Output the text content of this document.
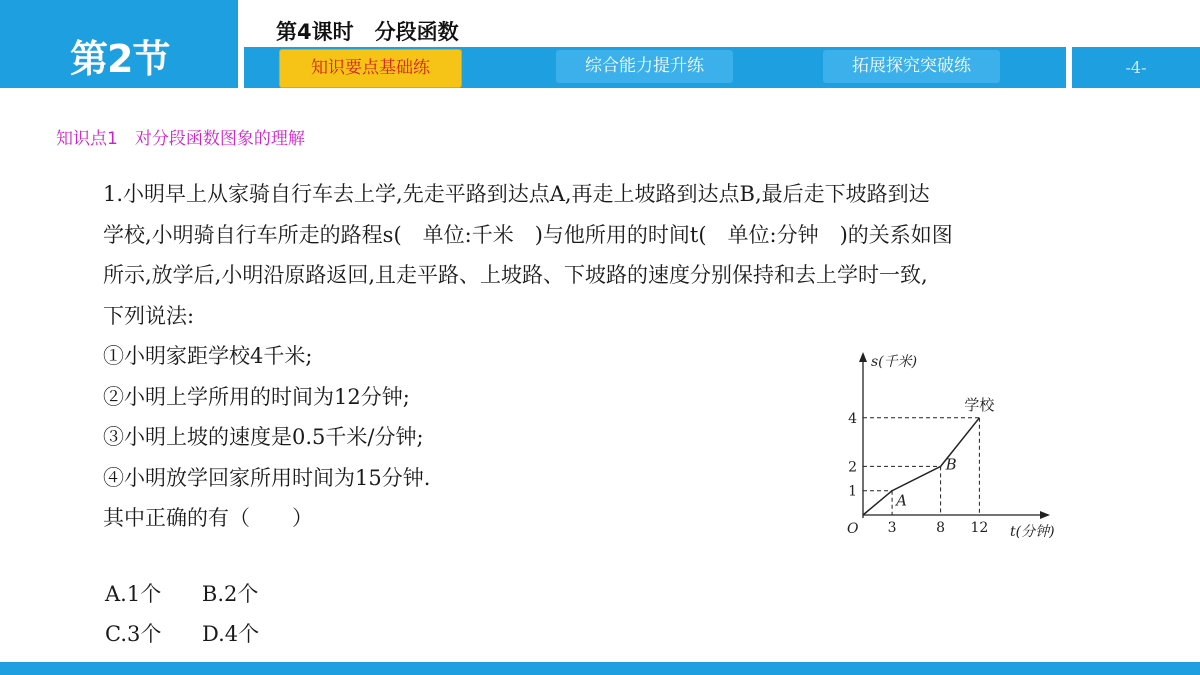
第2节	-4-
第4课时　分段函数
知识要点基础练	综合能力提升练	拓展探究突破练
知识点1　对分段函数图象的理解

1.小明早上从家骑自行车去上学,先走平路到达点A,再走上坡路到达点B,最后走下坡路到达

学校,小明骑自行车所走的路程s(　单位:千米　)与他所用的时间t(　单位:分钟　)的关系如图

所示,放学后,小明沿原路返回,且走平路、上坡路、下坡路的速度分别保持和去上学时一致,

下列说法:

①小明家距学校4千米;

②小明上学所用的时间为12分钟;

③小明上坡的速度是0.5千米/分钟;

④小明放学回家所用时间为15分钟.

其中正确的有（　　）

A.1个 B.2个
C.3个 D.4个
s(千米)
t(分钟)
O 3	8 12
1
2
4
A
B
学校
